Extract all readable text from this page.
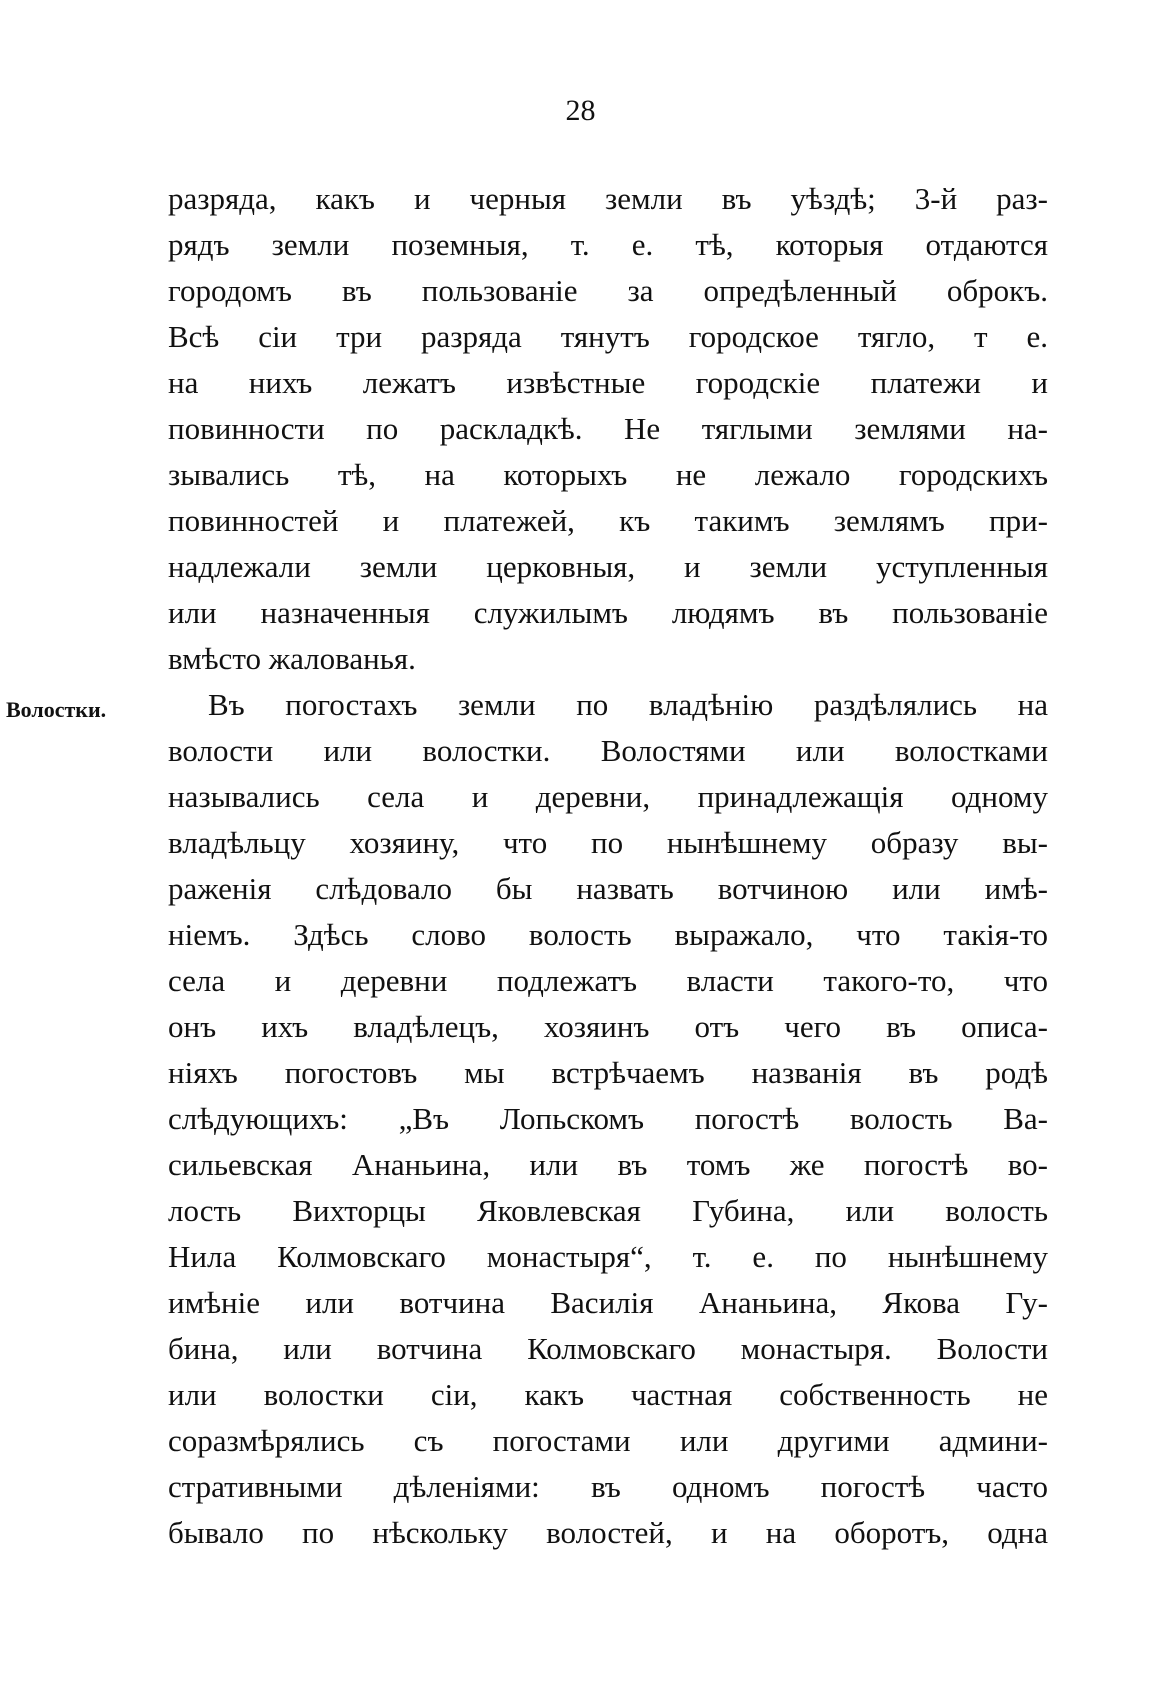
28
Волостки.
разряда, какъ и черныя земли въ уѣздѣ; 3-й раз-
рядъ земли поземныя, т. е. тѣ, которыя отдаются
городомъ въ пользованіе за опредѣленный оброкъ.
Всѣ сіи три разряда тянутъ городское тягло, т е.
на нихъ лежатъ извѣстные городскіе платежи и
повинности по раскладкѣ. Не тяглыми землями на-
зывались тѣ, на которыхъ не лежало городскихъ
повинностей и платежей, къ такимъ землямъ при-
надлежали земли церковныя, и земли уступленныя
или назначенныя служилымъ людямъ въ пользованіе
вмѣсто жалованья.
Въ погостахъ земли по владѣнію раздѣлялись на
волости или волостки. Волостями или волостками
назывались села и деревни, принадлежащія одному
владѣльцу хозяину, что по нынѣшнему образу вы-
раженія слѣдовало бы назвать вотчиною или имѣ-
ніемъ. Здѣсь слово волость выражало, что такія-то
села и деревни подлежатъ власти такого-то, что
онъ ихъ владѣлецъ, хозяинъ отъ чего въ описа-
ніяхъ погостовъ мы встрѣчаемъ названія въ родѣ
слѣдующихъ: „Въ Лопьскомъ погостѣ волость Ва-
сильевская Ананьина, или въ томъ же погостѣ во-
лость Вихторцы Яковлевская Губина, или волость
Нила Колмовскаго монастыря“, т. е. по нынѣшнему
имѣніе или вотчина Василія Ананьина, Якова Гу-
бина, или вотчина Колмовскаго монастыря. Волости
или волостки сіи, какъ частная собственность не
соразмѣрялись съ погостами или другими админи-
стративными дѣленіями: въ одномъ погостѣ часто
бывало по нѣскольку волостей, и на оборотъ, одна
